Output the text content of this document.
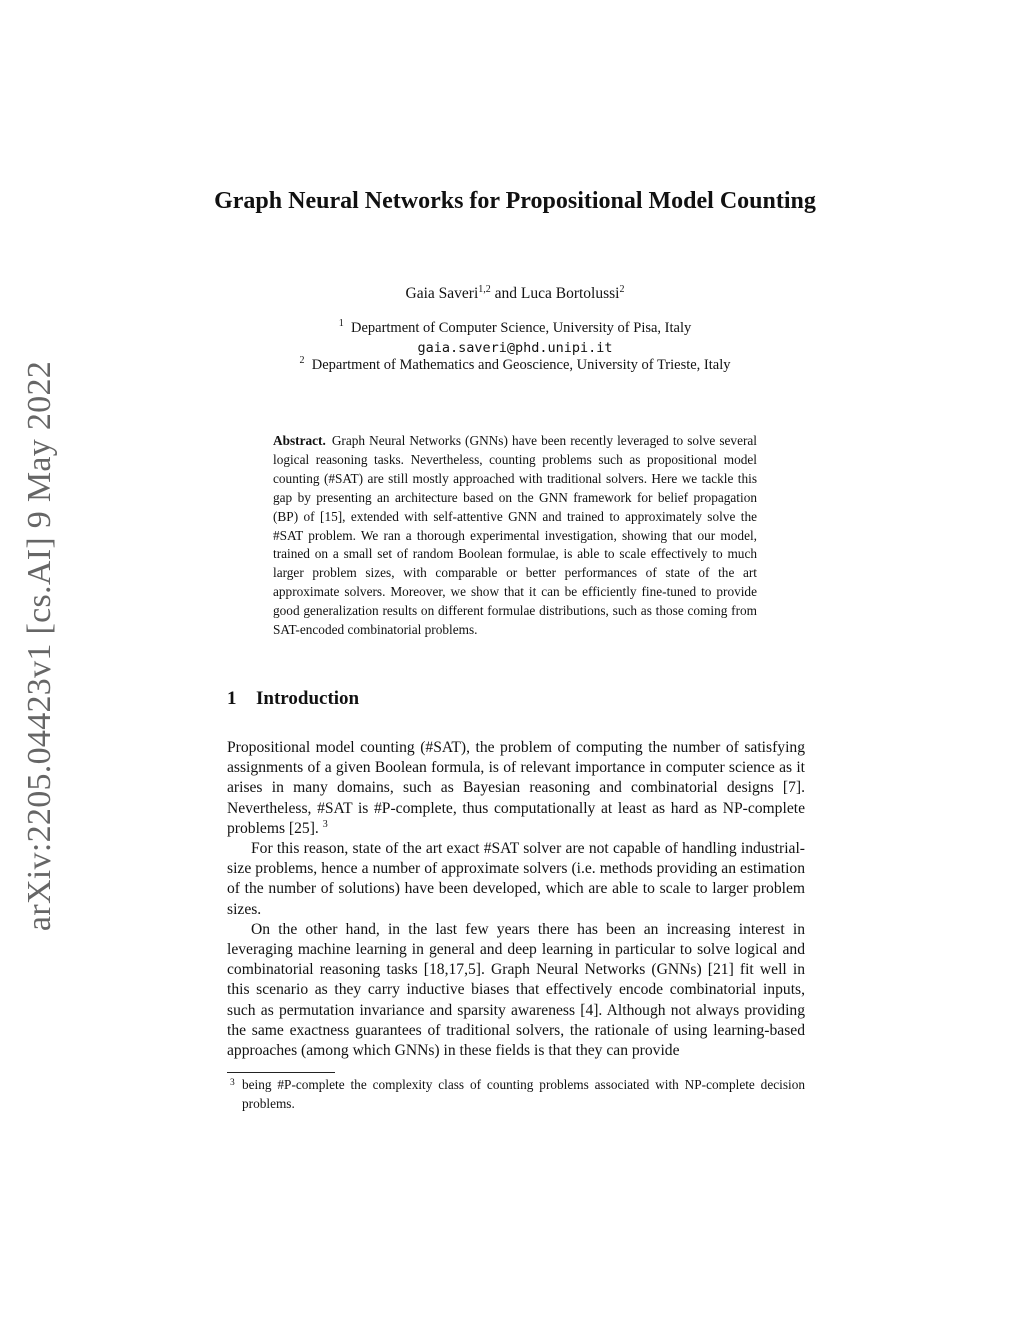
arXiv:2205.04423v1 [cs.AI] 9 May 2022
Graph Neural Networks for Propositional Model Counting
Gaia Saveri$^{1,2}$ and Luca Bortolussi$^2$
$^1$ Department of Computer Science, University of Pisa, Italy
gaia.saveri@phd.unipi.it
$^2$ Department of Mathematics and Geoscience, University of Trieste, Italy
Abstract. Graph Neural Networks (GNNs) have been recently leveraged to solve several logical reasoning tasks. Nevertheless, counting problems such as propositional model counting (#SAT) are still mostly approached with traditional solvers. Here we tackle this gap by presenting an architecture based on the GNN framework for belief propagation (BP) of [15], extended with self-attentive GNN and trained to approximately solve the #SAT problem. We ran a thorough experimental investigation, showing that our model, trained on a small set of random Boolean formulae, is able to scale effectively to much larger problem sizes, with comparable or better performances of state of the art approximate solvers. Moreover, we show that it can be efficiently fine-tuned to provide good generalization results on different formulae distributions, such as those coming from SAT-encoded combinatorial problems.
1 Introduction

Propositional model counting (#SAT), the problem of computing the number of satisfying assignments of a given Boolean formula, is of relevant importance in computer science as it arises in many domains, such as Bayesian reasoning and combinatorial designs [7]. Nevertheless, #SAT is #P-complete, thus computationally at least as hard as NP-complete problems [25]. $^3$

For this reason, state of the art exact #SAT solver are not capable of handling industrial-size problems, hence a number of approximate solvers (i.e. methods providing an estimation of the number of solutions) have been developed, which are able to scale to larger problem sizes.

On the other hand, in the last few years there has been an increasing interest in leveraging machine learning in general and deep learning in particular to solve logical and combinatorial reasoning tasks [18,17,5]. Graph Neural Networks (GNNs) [21] fit well in this scenario as they carry inductive biases that effectively encode combinatorial inputs, such as permutation invariance and sparsity awareness [4]. Although not always providing the same exactness guarantees of traditional solvers, the rationale of using learning-based approaches (among which GNNs) in these fields is that they can provide

3 being #P-complete the complexity class of counting problems associated with NP-complete decision problems.
